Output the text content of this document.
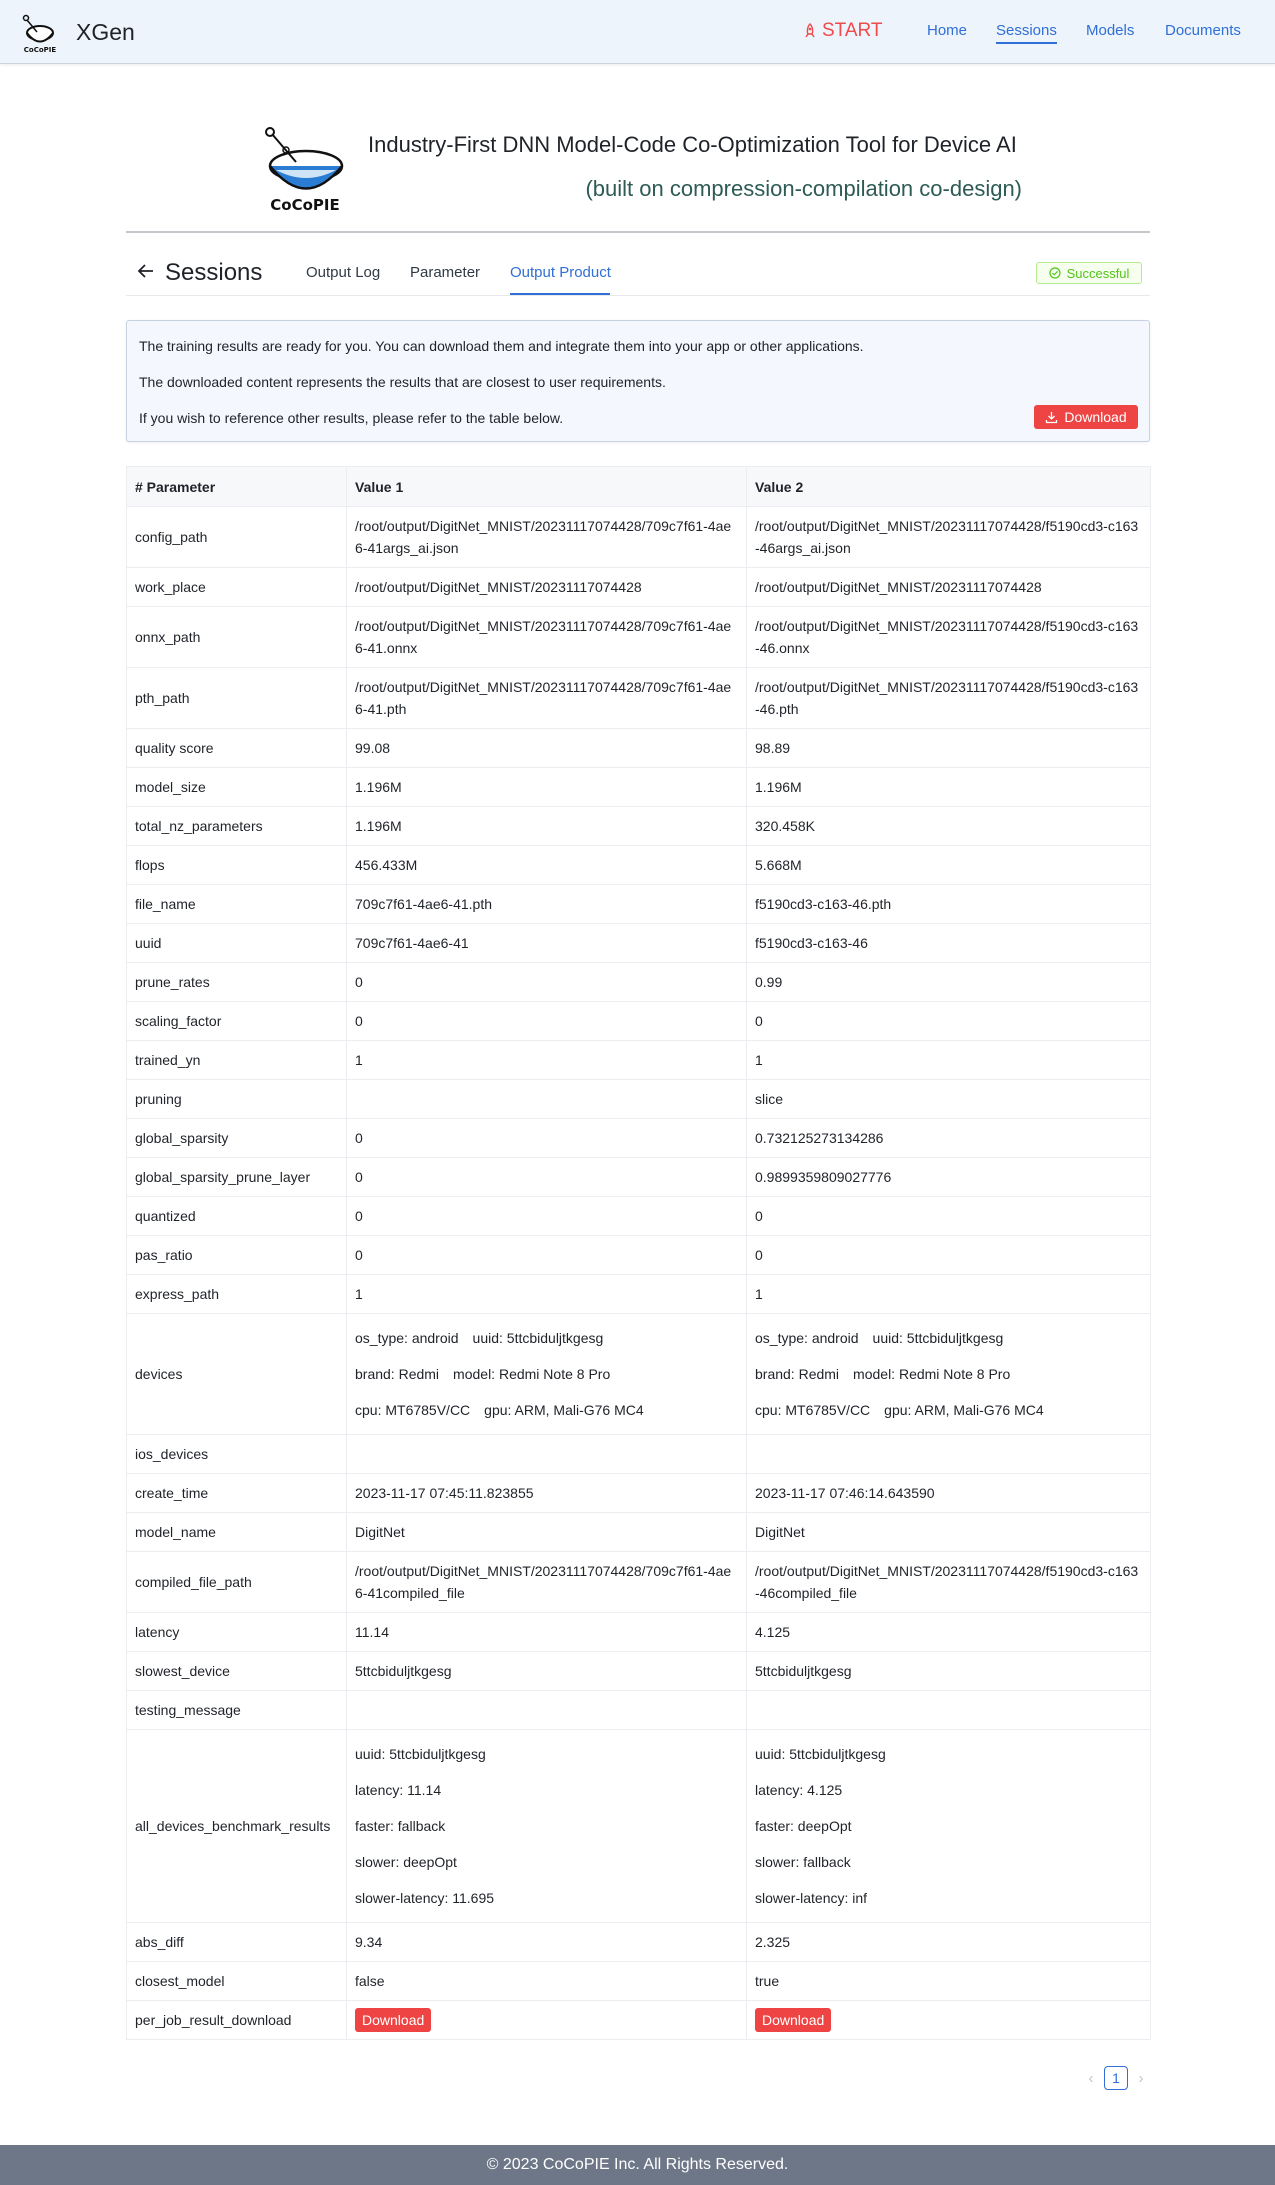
CoCoPIE
XGen	START	Home Sessions Models Documents
CoCoPIE
Industry-First DNN Model-Code Co-Optimization Tool for Device AI
(built on compression-compilation co-design)
Sessions	Output Log Parameter Output Product	Successful

The training results are ready for you. You can download them and integrate them into your app or other applications.

The downloaded content represents the results that are closest to user requirements.

If you wish to reference other results, please refer to the table below.	Download
# Parameter	Value 1	Value 2
config_path	/root/output/DigitNet_MNIST/20231117074428/709c7f61-4ae6-41args_ai.json	/root/output/DigitNet_MNIST/20231117074428/f5190cd3-c163-46args_ai.json
work_place	/root/output/DigitNet_MNIST/20231117074428	/root/output/DigitNet_MNIST/20231117074428
onnx_path	/root/output/DigitNet_MNIST/20231117074428/709c7f61-4ae6-41.onnx	/root/output/DigitNet_MNIST/20231117074428/f5190cd3-c163-46.onnx
pth_path	/root/output/DigitNet_MNIST/20231117074428/709c7f61-4ae6-41.pth	/root/output/DigitNet_MNIST/20231117074428/f5190cd3-c163-46.pth
quality score	99.08	98.89
model_size	1.196M	1.196M
total_nz_parameters	1.196M	320.458K
flops	456.433M	5.668M
file_name	709c7f61-4ae6-41.pth	f5190cd3-c163-46.pth
uuid	709c7f61-4ae6-41	f5190cd3-c163-46
prune_rates	0	0.99
scaling_factor	0	0
trained_yn	1	1
pruning		slice
global_sparsity	0	0.732125273134286
global_sparsity_prune_layer	0	0.9899359809027776
quantized	0	0
pas_ratio	0	0
express_path	1	1
devices	os_type: android uuid: 5ttcbiduljtkgesg
brand: Redmi model: Redmi Note 8 Pro
cpu: MT6785V/CC gpu: ARM, Mali-G76 MC4	os_type: android uuid: 5ttcbiduljtkgesg
brand: Redmi model: Redmi Note 8 Pro
cpu: MT6785V/CC gpu: ARM, Mali-G76 MC4

ios_devices		
create_time	2023-11-17 07:45:11.823855	2023-11-17 07:46:14.643590
model_name	DigitNet	DigitNet
compiled_file_path	/root/output/DigitNet_MNIST/20231117074428/709c7f61-4ae6-41compiled_file	/root/output/DigitNet_MNIST/20231117074428/f5190cd3-c163-46compiled_file
latency	11.14	4.125
slowest_device	5ttcbiduljtkgesg	5ttcbiduljtkgesg
testing_message		
all_devices_benchmark_results	uuid: 5ttcbiduljtkgesg
latency: 11.14
faster: fallback
slower: deepOpt
slower-latency: 11.695	uuid: 5ttcbiduljtkgesg
latency: 4.125
faster: deepOpt
slower: fallback
slower-latency: inf

abs_diff	9.34	2.325
closest_model	false	true
per_job_result_download	Download	Download
‹	1	›
© 2023 CoCoPIE Inc. All Rights Reserved.
